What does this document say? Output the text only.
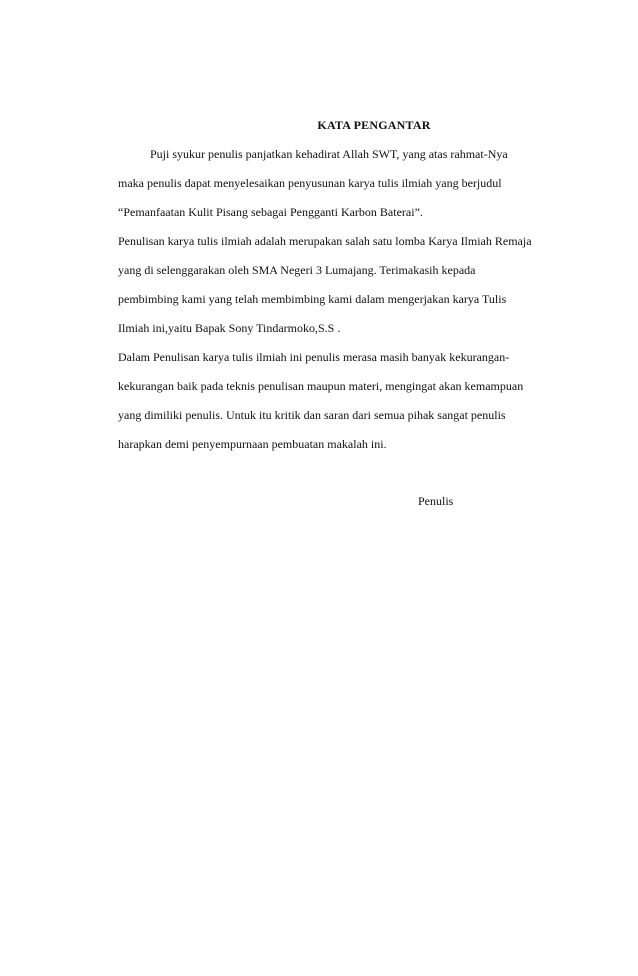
KATA PENGANTAR
Puji syukur penulis panjatkan kehadirat Allah SWT, yang atas rahmat-Nya
maka penulis dapat menyelesaikan penyusunan karya tulis ilmiah yang berjudul
“Pemanfaatan Kulit Pisang sebagai Pengganti Karbon Baterai”.
Penulisan karya tulis ilmiah adalah merupakan salah satu lomba Karya Ilmiah Remaja
yang di selenggarakan oleh SMA Negeri 3 Lumajang. Terimakasih kepada
pembimbing kami yang telah membimbing kami dalam mengerjakan karya Tulis
Ilmiah ini,yaitu Bapak Sony Tindarmoko,S.S .
Dalam Penulisan karya tulis ilmiah ini penulis merasa masih banyak kekurangan-
kekurangan baik pada teknis penulisan maupun materi, mengingat akan kemampuan
yang dimiliki penulis. Untuk itu kritik dan saran dari semua pihak sangat penulis
harapkan demi penyempurnaan pembuatan makalah ini.
Penulis
